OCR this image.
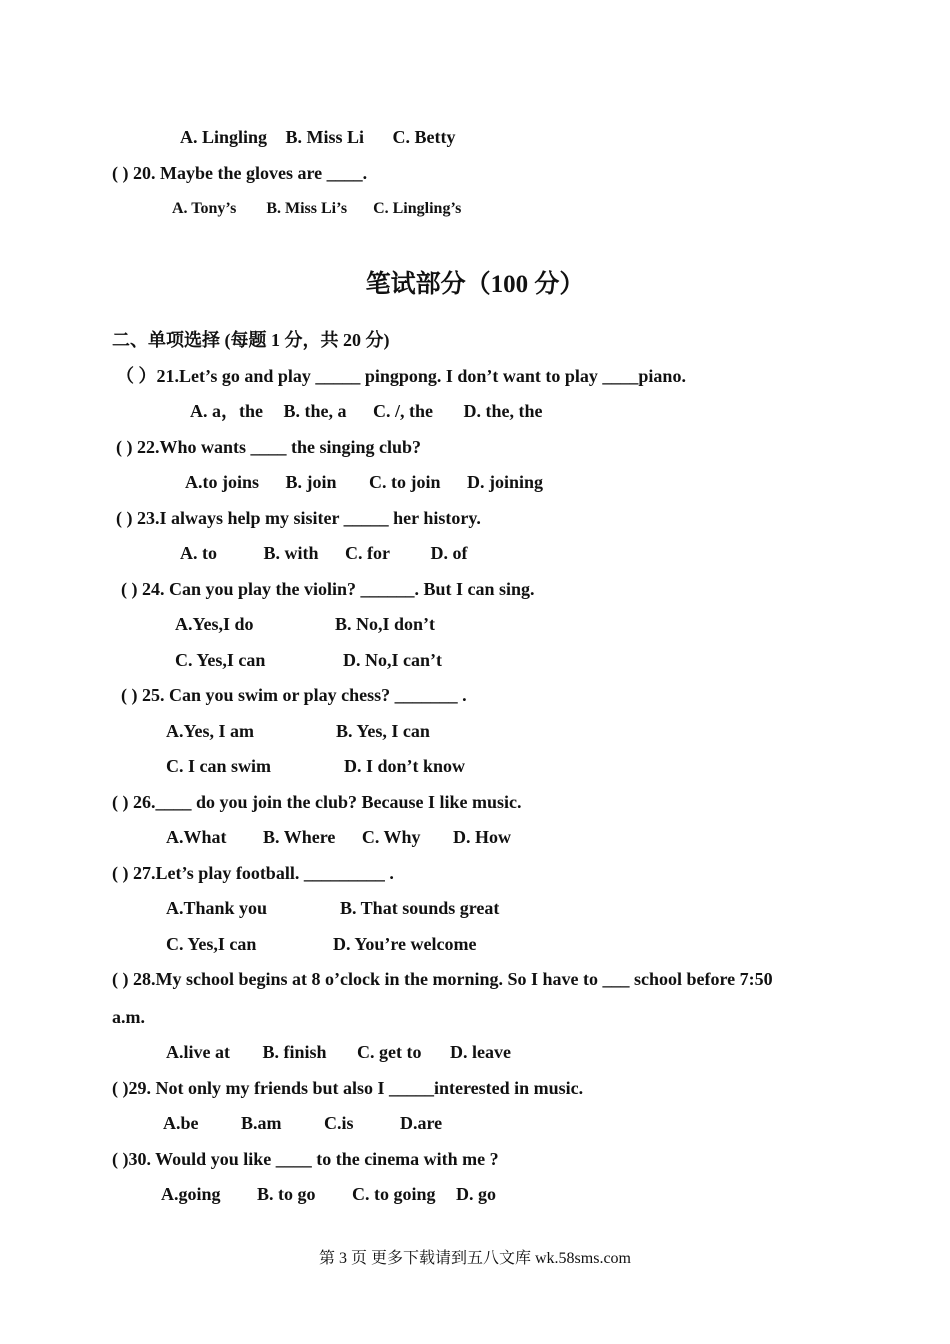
A. Lingling B. Miss Li C. Betty
( ) 20. Maybe the gloves are ____.
A. Tony’s B. Miss Li’s C. Lingling’s
笔试部分（100 分）
二、单项选择 (每题 1 分，共 20 分)
（ ）21.Let’s go and play _____ pingpong. I don’t want to play ____piano.
A. a，the B. the, a C. /, the D. the, the
( ) 22.Who wants ____ the singing club?
A.to joins B. join C. to join D. joining
( ) 23.I always help my sisiter _____ her history.
A. to	B. with C. for D. of
( ) 24. Can you play the violin? ______. But I can sing.
A.Yes,I do	B. No,I don’t
C. Yes,I can	D. No,I can’t
( ) 25. Can you swim or play chess? _______ .
A.Yes, I am	B. Yes, I can
C. I can swim	D. I don’t know
( ) 26.____ do you join the club? Because I like music.
A.What B. Where C. Why D. How
( ) 27.Let’s play football. _________ .
A.Thank you	B. That sounds great
C. Yes,I can	D. You’re welcome
( ) 28.My school begins at 8 o’clock in the morning. So I have to ___ school before 7:50
a.m.
A.live at B. finish C. get to D. leave
( )29. Not only my friends but also I _____interested in music.
A.be B.am C.is	D.are
( )30. Would you like ____ to the cinema with me ?
A.going B. to go C. to going D. go
第 3 页 更多下载请到五八文库 wk.58sms.com
